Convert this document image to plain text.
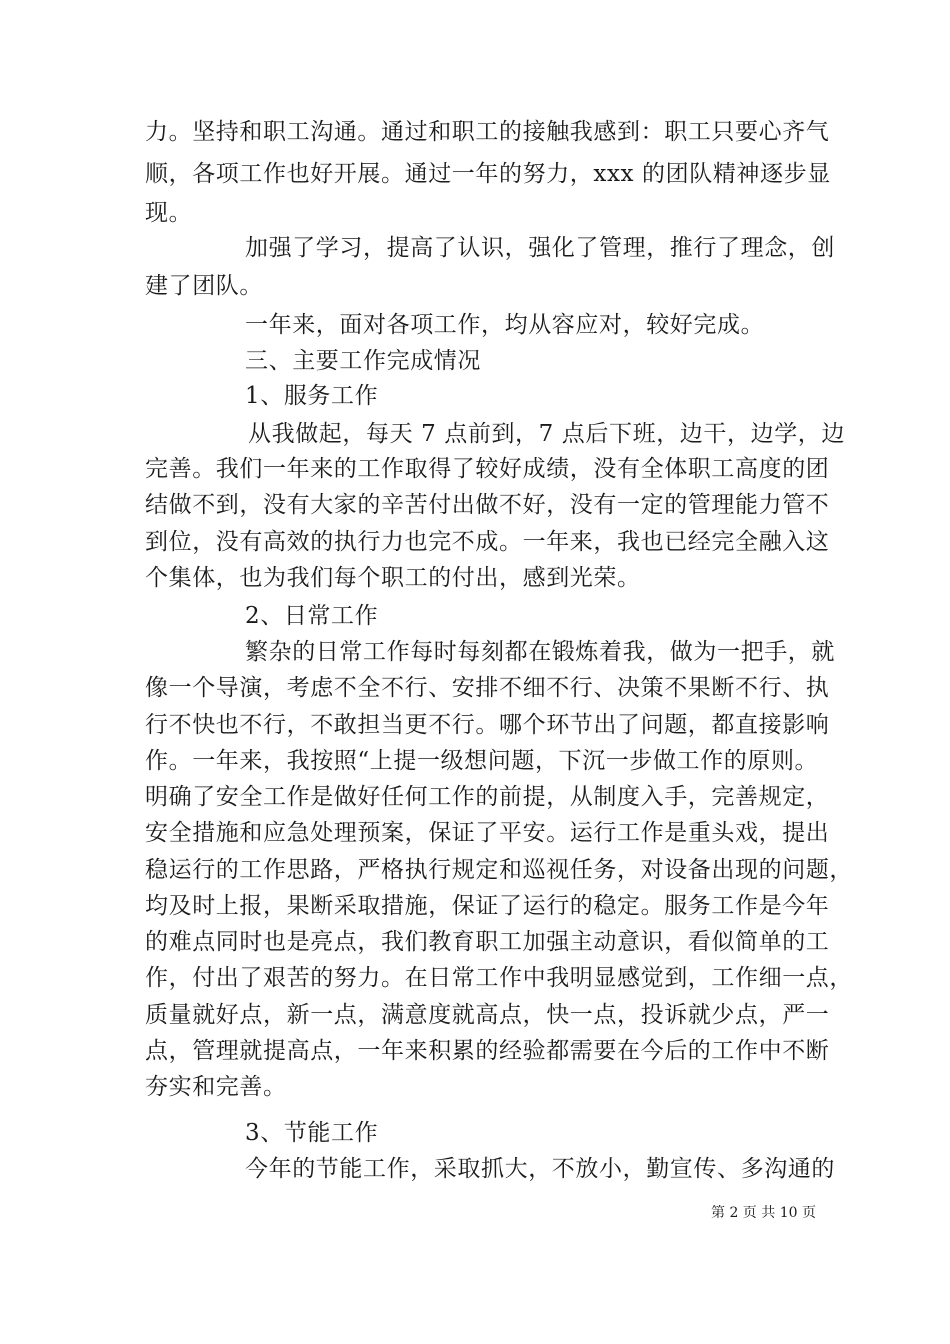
力。坚持和职工沟通。通过和职工的接触我感到：职工只要心齐气
顺，各项工作也好开展。通过一年的努力，xxx 的团队精神逐步显
现。
加强了学习，提高了认识，强化了管理，推行了理念，创
建了团队。
一年来，面对各项工作，均从容应对，较好完成。
三、主要工作完成情况
1、服务工作
从我做起，每天 7 点前到，7 点后下班，边干，边学，边
完善。我们一年来的工作取得了较好成绩，没有全体职工高度的团
结做不到，没有大家的辛苦付出做不好，没有一定的管理能力管不
到位，没有高效的执行力也完不成。一年来，我也已经完全融入这
个集体，也为我们每个职工的付出，感到光荣。
2、日常工作
繁杂的日常工作每时每刻都在锻炼着我，做为一把手，就
像一个导演，考虑不全不行、安排不细不行、决策不果断不行、执
行不快也不行，不敢担当更不行。哪个环节出了问题，都直接影响
作。一年来，我按照“上提一级想问题，下沉一步做工作的原则。
明确了安全工作是做好任何工作的前提，从制度入手，完善规定，
安全措施和应急处理预案，保证了平安。运行工作是重头戏，提出
稳运行的工作思路，严格执行规定和巡视任务，对设备出现的问题，
均及时上报，果断采取措施，保证了运行的稳定。服务工作是今年
的难点同时也是亮点，我们教育职工加强主动意识，看似简单的工
作，付出了艰苦的努力。在日常工作中我明显感觉到，工作细一点，
质量就好点，新一点，满意度就高点，快一点，投诉就少点，严一
点，管理就提高点，一年来积累的经验都需要在今后的工作中不断
夯实和完善。
3、节能工作
今年的节能工作，采取抓大，不放小，勤宣传、多沟通的
第 2 页 共 10 页
